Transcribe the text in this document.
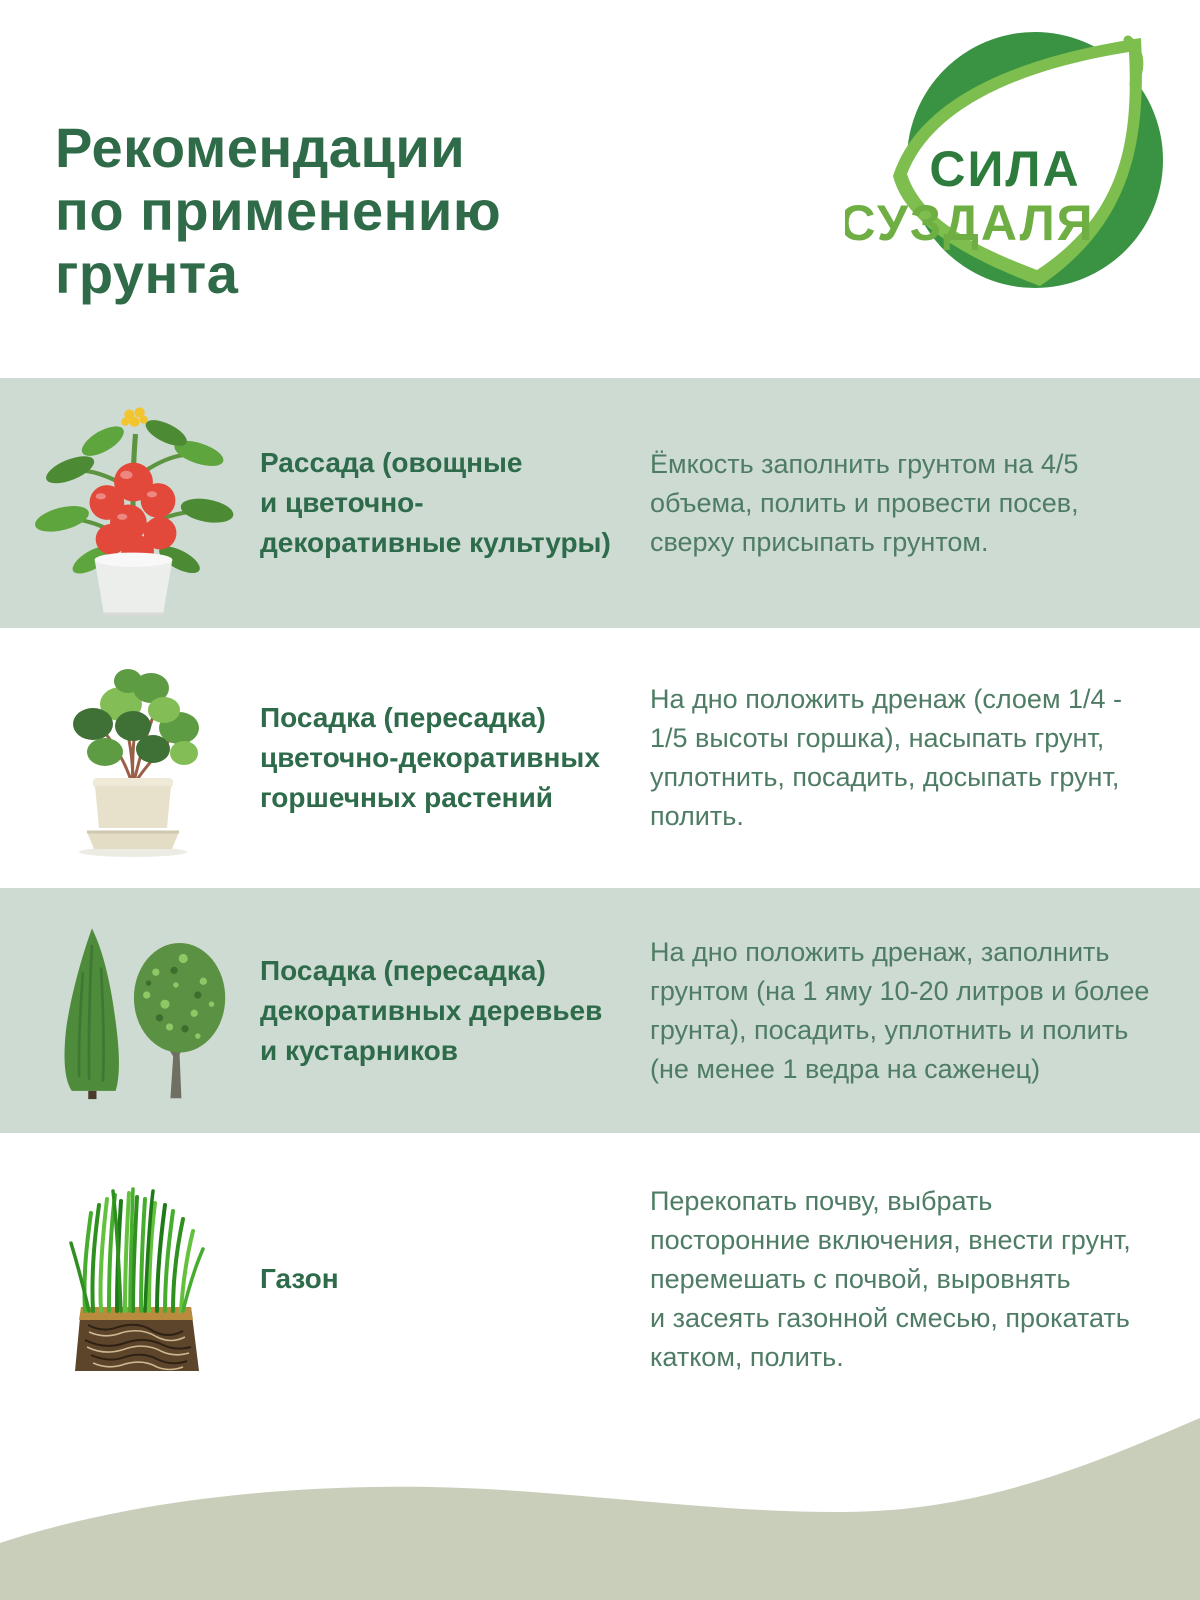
Рекомендации
по применению
грунта
СИЛА
СУЗДАЛЯ
Рассада (овощные и цветочно-декоративные культуры)
Ёмкость заполнить грунтом на 4/5 объема, полить и провести посев, сверху присыпать грунтом.
Посадка (пересадка) цветочно-декоративных горшечных растений
На дно положить дренаж (слоем 1/4 - 1/5 высоты горшка), насыпать грунт, уплотнить, посадить, досыпать грунт, полить.
Посадка (пересадка) декоративных деревьев и кустарников
На дно положить дренаж, заполнить грунтом (на 1 яму 10-20 литров и более грунта), посадить, уплотнить и полить (не менее 1 ведра на саженец)
Газон
Перекопать почву, выбрать посторонние включения, внести грунт, перемешать с почвой, выровнять и засеять газонной смесью, прокатать катком, полить.
